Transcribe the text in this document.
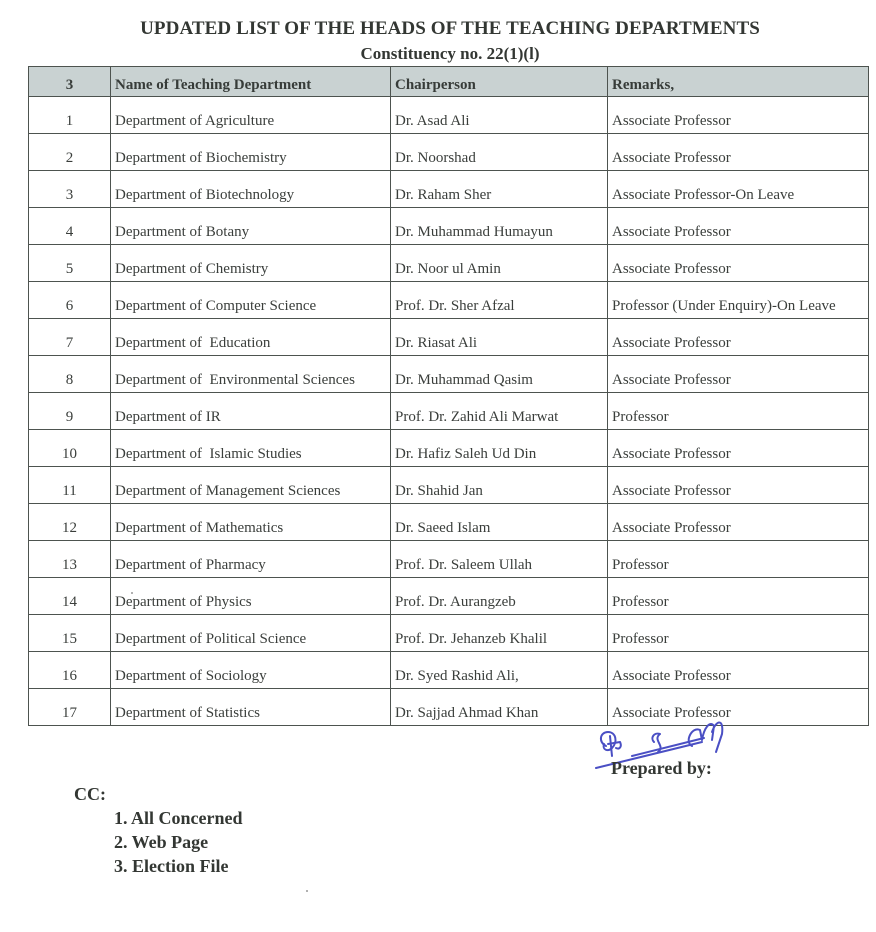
UPDATED LIST OF THE HEADS OF THE TEACHING DEPARTMENTS
Constituency no. 22(1)(l)
3	Name of Teaching Department	Chairperson	Remarks,
1	Department of Agriculture	Dr. Asad Ali	Associate Professor
2	Department of Biochemistry	Dr. Noorshad	Associate Professor
3	Department of Biotechnology	Dr. Raham Sher	Associate Professor-On Leave
4	Department of Botany	Dr. Muhammad Humayun	Associate Professor
5	Department of Chemistry	Dr. Noor ul Amin	Associate Professor
6	Department of Computer Science	Prof. Dr. Sher Afzal	Professor (Under Enquiry)-On Leave
7	Department of  Education	Dr. Riasat Ali	Associate Professor
8	Department of  Environmental Sciences	Dr. Muhammad Qasim	Associate Professor
9	Department of IR	Prof. Dr. Zahid Ali Marwat	Professor
10	Department of  Islamic Studies	Dr. Hafiz Saleh Ud Din	Associate Professor
11	Department of Management Sciences	Dr. Shahid Jan	Associate Professor
12	Department of Mathematics	Dr. Saeed Islam	Associate Professor
13	Department of Pharmacy	Prof. Dr. Saleem Ullah	Professor
14	Department of Physics	Prof. Dr. Aurangzeb	Professor
15	Department of Political Science	Prof. Dr. Jehanzeb Khalil	Professor
16	Department of Sociology	Dr. Syed Rashid Ali,	Associate Professor
17	Department of Statistics	Dr. Sajjad Ahmad Khan	Associate Professor
Prepared by:
CC:
1. All Concerned
2. Web Page
3. Election File
